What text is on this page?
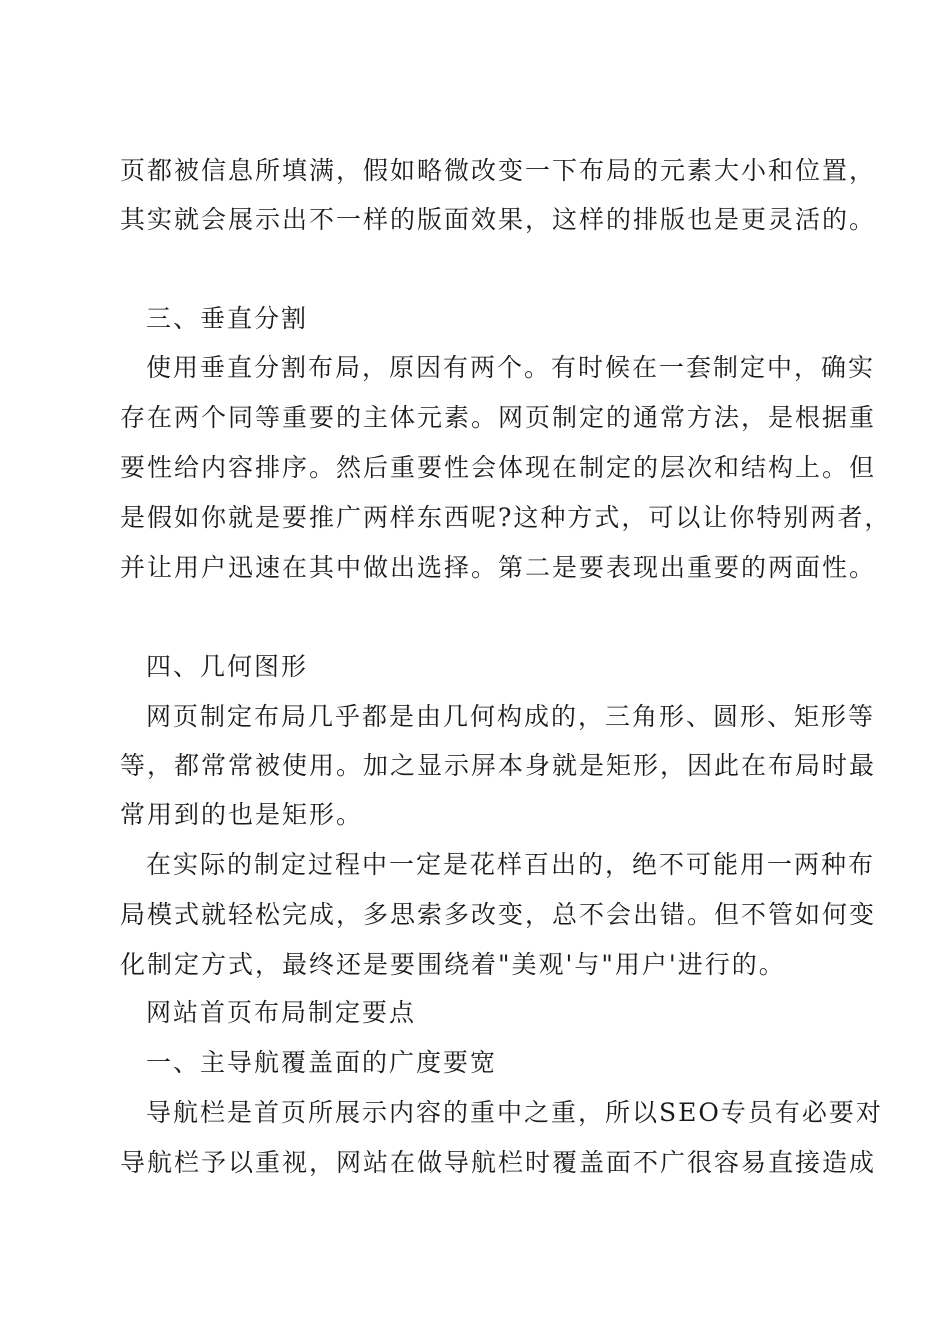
页都被信息所填满，假如略微改变一下布局的元素大小和位置，
其实就会展示出不一样的版面效果，这样的排版也是更灵活的。
三、垂直分割
使用垂直分割布局，原因有两个。有时候在一套制定中，确实
存在两个同等重要的主体元素。网页制定的通常方法，是根据重
要性给内容排序。然后重要性会体现在制定的层次和结构上。但
是假如你就是要推广两样东西呢?这种方式，可以让你特别两者，
并让用户迅速在其中做出选择。第二是要表现出重要的两面性。
四、几何图形
网页制定布局几乎都是由几何构成的，三角形、圆形、矩形等
等，都常常被使用。加之显示屏本身就是矩形，因此在布局时最
常用到的也是矩形。
在实际的制定过程中一定是花样百出的，绝不可能用一两种布
局模式就轻松完成，多思索多改变，总不会出错。但不管如何变
化制定方式，最终还是要围绕着"美观'与"用户'进行的。
网站首页布局制定要点
一、主导航覆盖面的广度要宽
导航栏是首页所展示内容的重中之重，所以SEO专员有必要对
导航栏予以重视，网站在做导航栏时覆盖面不广很容易直接造成
